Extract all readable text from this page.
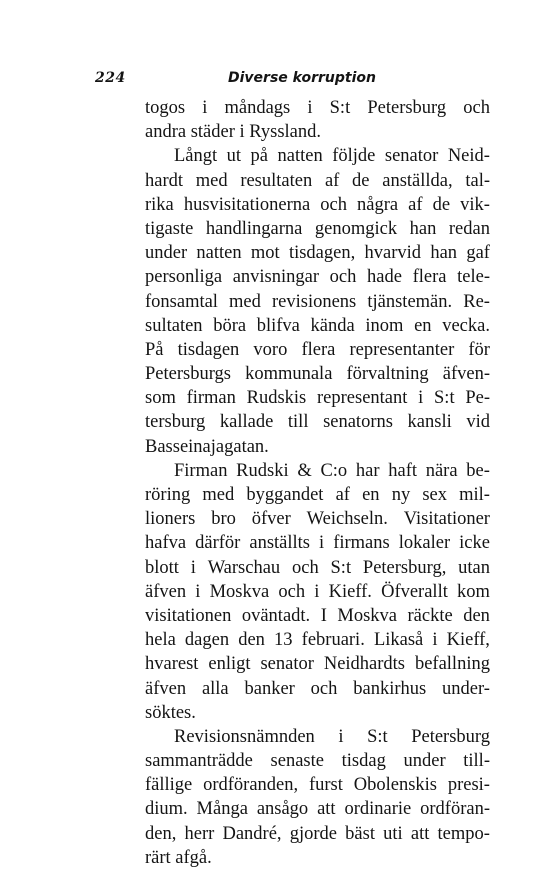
224	Diverse korruption
togos i måndags i S:t Petersburg och
andra städer i Ryssland.
Långt ut på natten följde senator Neid-
hardt med resultaten af de anställda, tal-
rika husvisitationerna och några af de vik-
tigaste handlingarna genomgick han redan
under natten mot tisdagen, hvarvid han gaf
personliga anvisningar och hade flera tele-
fonsamtal med revisionens tjänstemän. Re-
sultaten böra blifva kända inom en vecka.
På tisdagen voro flera representanter för
Petersburgs kommunala förvaltning äfven-
som firman Rudskis representant i S:t Pe-
tersburg kallade till senatorns kansli vid
Basseinajagatan.
Firman Rudski & C:o har haft nära be-
röring med byggandet af en ny sex mil-
lioners bro öfver Weichseln. Visitationer
hafva därför anställts i firmans lokaler icke
blott i Warschau och S:t Petersburg, utan
äfven i Moskva och i Kieff. Öfverallt kom
visitationen oväntadt. I Moskva räckte den
hela dagen den 13 februari. Likaså i Kieff,
hvarest enligt senator Neidhardts befallning
äfven alla banker och bankirhus under-
söktes.
Revisionsnämnden i S:t Petersburg
sammanträdde senaste tisdag under till-
fällige ordföranden, furst Obolenskis presi-
dium. Många ansågo att ordinarie ordföran-
den, herr Dandré, gjorde bäst uti att tempo-
rärt afgå.
